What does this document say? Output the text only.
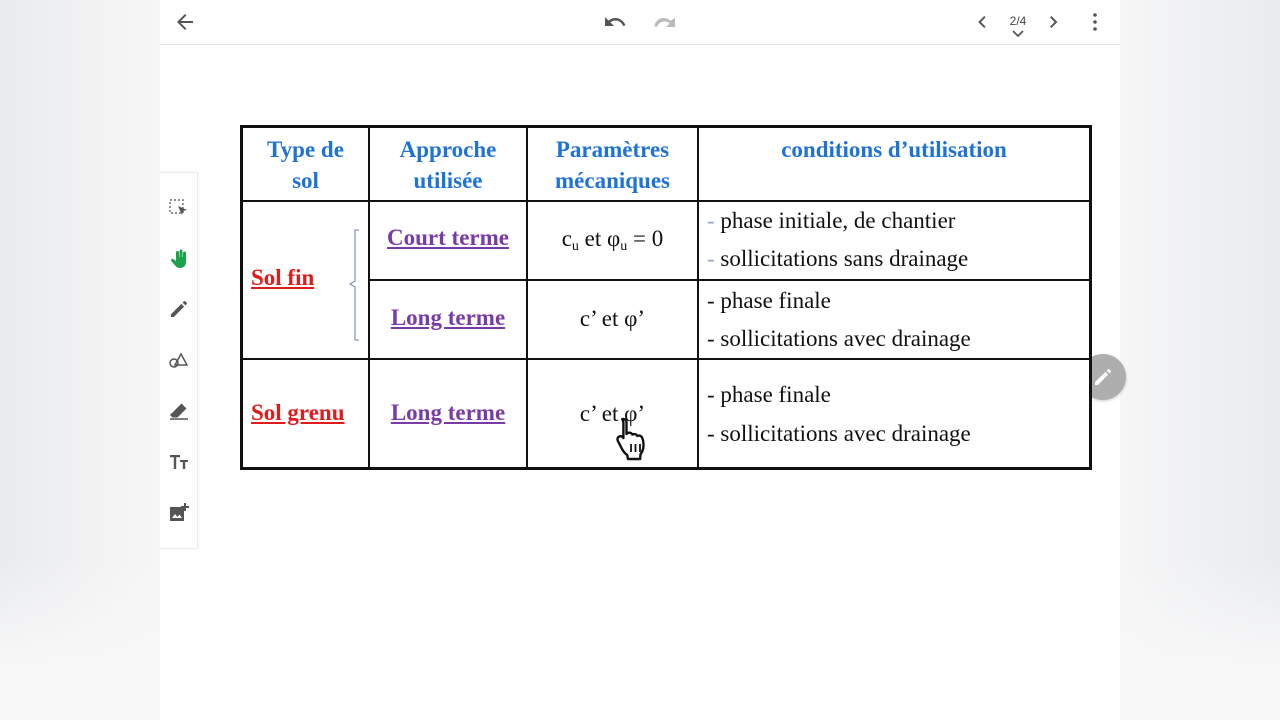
2/4
Type de
sol
Approche
utilisée
Paramètres
mécaniques
conditions d’utilisation
Sol fin
Sol grenu
Court terme
Long terme
Long terme
$c_u$ et $\varphi_u = 0$
c’ et φ’
c’ et φ’
- phase initiale, de chantier
- sollicitations sans drainage
- phase finale
- sollicitations avec drainage
- phase finale
- sollicitations avec drainage
